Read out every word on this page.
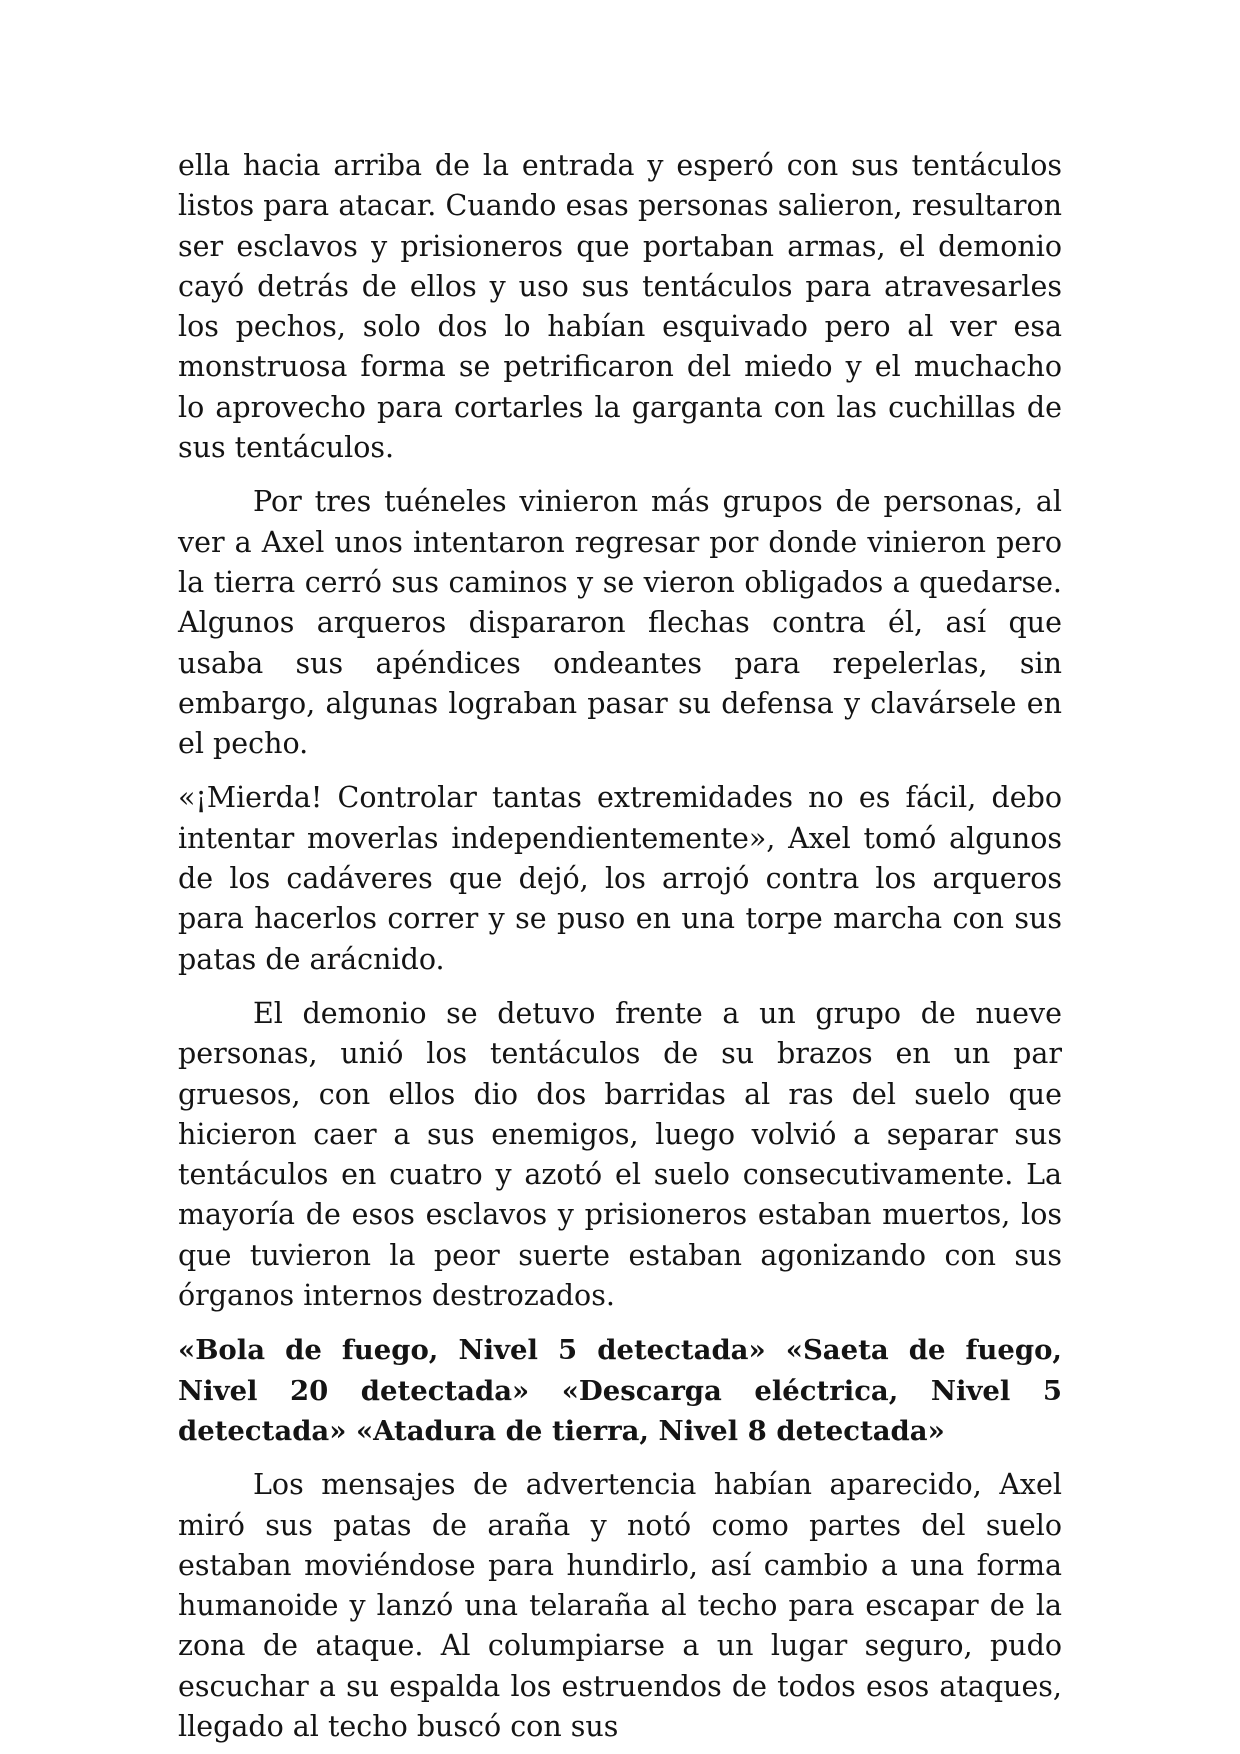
ella hacia arriba de la entrada y esperó con sus tentáculos listos para atacar. Cuando esas personas salieron, resultaron ser esclavos y prisioneros que portaban armas, el demonio cayó detrás de ellos y uso sus tentáculos para atravesarles los pechos, solo dos lo habían esquivado pero al ver esa monstruosa forma se petrificaron del miedo y el muchacho lo aprovecho para cortarles la garganta con las cuchillas de sus tentáculos.

Por tres tuéneles vinieron más grupos de personas, al ver a Axel unos intentaron regresar por donde vinieron pero la tierra cerró sus caminos y se vieron obligados a quedarse. Algunos arqueros dispararon flechas contra él, así que usaba sus apéndices ondeantes para repelerlas, sin embargo, algunas lograban pasar su defensa y clavársele en el pecho.

«¡Mierda! Controlar tantas extremidades no es fácil, debo intentar moverlas independientemente», Axel tomó algunos de los cadáveres que dejó, los arrojó contra los arqueros para hacerlos correr y se puso en una torpe marcha con sus patas de arácnido.

El demonio se detuvo frente a un grupo de nueve personas, unió los tentáculos de su brazos en un par gruesos, con ellos dio dos barridas al ras del suelo que hicieron caer a sus enemigos, luego volvió a separar sus tentáculos en cuatro y azotó el suelo consecutivamente. La mayoría de esos esclavos y prisioneros estaban muertos, los que tuvieron la peor suerte estaban agonizando con sus órganos internos destrozados.

«Bola de fuego, Nivel 5 detectada» «Saeta de fuego, Nivel 20 detectada» «Descarga eléctrica, Nivel 5 detectada» «Atadura de tierra, Nivel 8 detectada»

Los mensajes de advertencia habían aparecido, Axel miró sus patas de araña y notó como partes del suelo estaban moviéndose para hundirlo, así cambio a una forma humanoide y lanzó una telaraña al techo para escapar de la zona de ataque. Al columpiarse a un lugar seguro, pudo escuchar a su espalda los estruendos de todos esos ataques, llegado al techo buscó con sus
